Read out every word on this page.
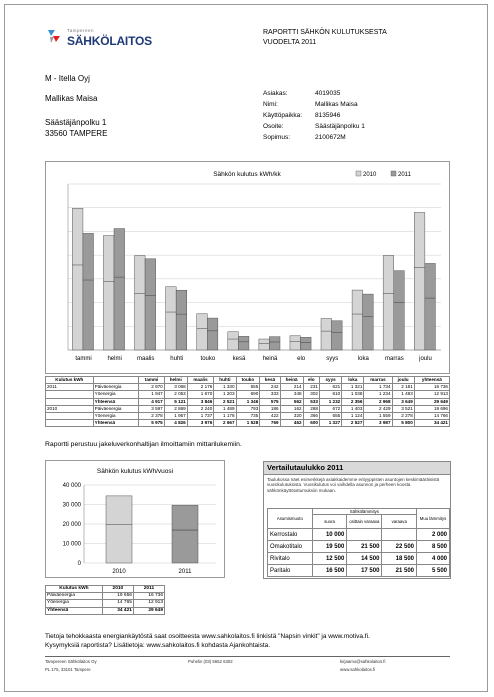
Tampereen
SÄHKÖLAITOS
RAPORTTI SÄHKÖN KULUTUKSESTA
VUODELTA 2011
M - Itella Oyj
Mallikas Maisa
Säästäjänpolku 1
33560 TAMPERE
Asiakas:	4019035
Nimi:	Mallikas Maisa
Käyttöpaikka: 8135946
Osoite:	Säästäjänpolku 1
Sopimus:	2100672M
Sähkön kulutus kWh/kk	2010	2011
tammi	helmi	maalis	huhti	touko	kesä	heinä	elo	syys	loka	marras	joulu
Kulutus kWh		tammi	helmi	maalis	huhti	touko	kesä	heinä	elo	syys	loka	marras	joulu	yhteensä
2011	Päiväenergia	2 970	3 068	2 176	1 330	655	242	214	231	621	1 321	1 734	2 181	16 736
	Yöenergia	1 947	2 053	1 670	1 203	690	333	348	302	610	1 038	1 234	1 483	12 913
	Yhteensä	4 917	5 121	3 846	2 521	1 346	575	562	533	1 232	2 356	2 968	3 649	29 649
2010	Päiväenergia	3 597	2 869	2 240	1 489	793	186	162	288	672	1 403	2 429	3 521	19 696
	Yöenergia	2 378	1 957	1 737	1 178	735	422	320	366	655	1 124	1 559	2 278	14 766
	Yhteensä	5 975	4 826	3 976	2 667	1 528	769	462	600	1 327	2 527	3 987	5 800	34 421
Raportti perustuu jakeluverkonhaltijan ilmoittamiin mittarilukemiin.
Sähkön kulutus kWh/vuosi
0
10 000
20 000
30 000
40 000
2010	2011
Kulutus kWh	2010	2011
Päiväenergia	19 656	16 736
Yöenergia	14 765	12 913
Yhteensä	34 421	29 649
Vertailutaulukko 2011
Taulukossa näet esimerkkejä asiakkaidemme erityyppisten asuntojen keskimääräisistä vuosikulutuksista. Vuosikulutus voi vaihdella asunnon ja perheen koosta sähkönkäyttötottumuksiin mukaan.
Asumismuoto	Sähkölämmitys			Muu lämmitys
	suora	osittain varaava	varaava	
Kerrostalo	10 000			2 000
Omakotitalo	19 500	21 500	22 500	8 500
Rivitalo	12 500	14 500	18 500	4 000
Paritalo	16 500	17 500	21 500	5 500
Tietoja tehokkaasta energiankäytöstä saat osoitteesta www.sahkolaitos.fi linkistä "Napsin vinkit" ja www.motiva.fi.
Kysymyksiä raportista? Lisätietoja: www.sahkolaitos.fi kohdasta Ajankohtaista.
Tampereen Sähkölaitos Oy
PL 175, 33101 Tampere
Puhelin (03) 5652 6302	kirjaamo@sahkolaitos.fi
www.sahkolaitos.fi
